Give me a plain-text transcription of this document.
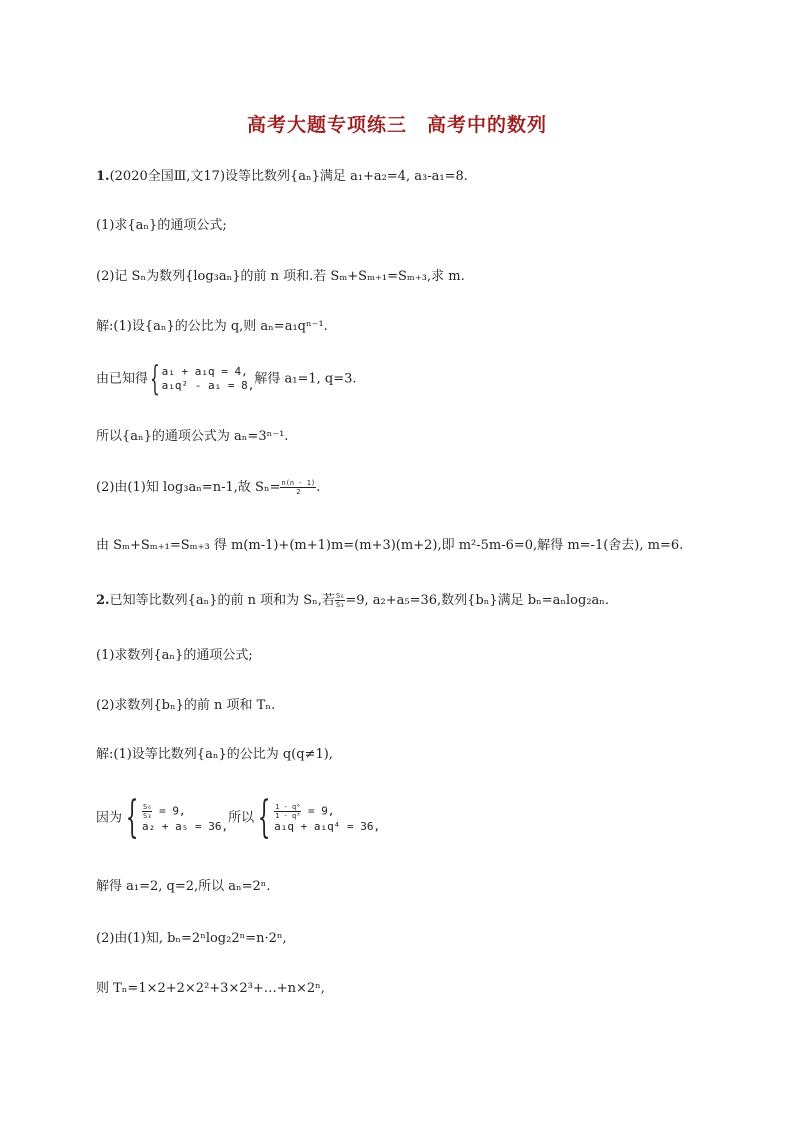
高考大题专项练三　高考中的数列
1.(2020全国Ⅲ,文17)设等比数列{aₙ}满足 a₁+a₂=4, a₃-a₁=8.
(1)求{aₙ}的通项公式;
(2)记 Sₙ为数列{log₃aₙ}的前 n 项和.若 Sₘ+Sₘ₊₁=Sₘ₊₃,求 m.
解:(1)设{aₙ}的公比为 q,则 aₙ=a₁qⁿ⁻¹.
由已知得{ a₁ + a₁q = 4,
a₁q² - a₁ = 8, 解得 a₁=1, q=3.
所以{aₙ}的通项公式为 aₙ=3ⁿ⁻¹.
(2)由(1)知 log₃aₙ=n-1,故 $S_n= \frac{n(n - 1)}{2}$ .
由 Sₘ+Sₘ₊₁=Sₘ₊₃ 得 m(m-1)+(m+1)m=(m+3)(m+2),即 m²-5m-6=0,解得 m=-1(舍去), m=6.
2.已知等比数列{aₙ}的前 n 项和为 Sₙ,若 $\frac{\text{S₆}}{\text{S₃}} =9$, a₂+a₅=36,数列{bₙ}满足 bₙ=aₙlog₂aₙ.
(1)求数列{aₙ}的通项公式;
(2)求数列{bₙ}的前 n 项和 Tₙ.
解:(1)设等比数列{aₙ}的公比为 q(q≠1),
因为{ $\frac{\text{S₆}}{\text{S₃}} = 9$,
a₂ + a₅ = 36,
所以{ $\frac{\text{1 - q⁶}}{\text{1 - q³}} = 9$,
a₁q + a₁q⁴ = 36,
解得 a₁=2, q=2,所以 aₙ=2ⁿ.
(2)由(1)知, bₙ=2ⁿlog₂2ⁿ=n·2ⁿ,
则 Tₙ=1×2+2×2²+3×2³+…+n×2ⁿ,
